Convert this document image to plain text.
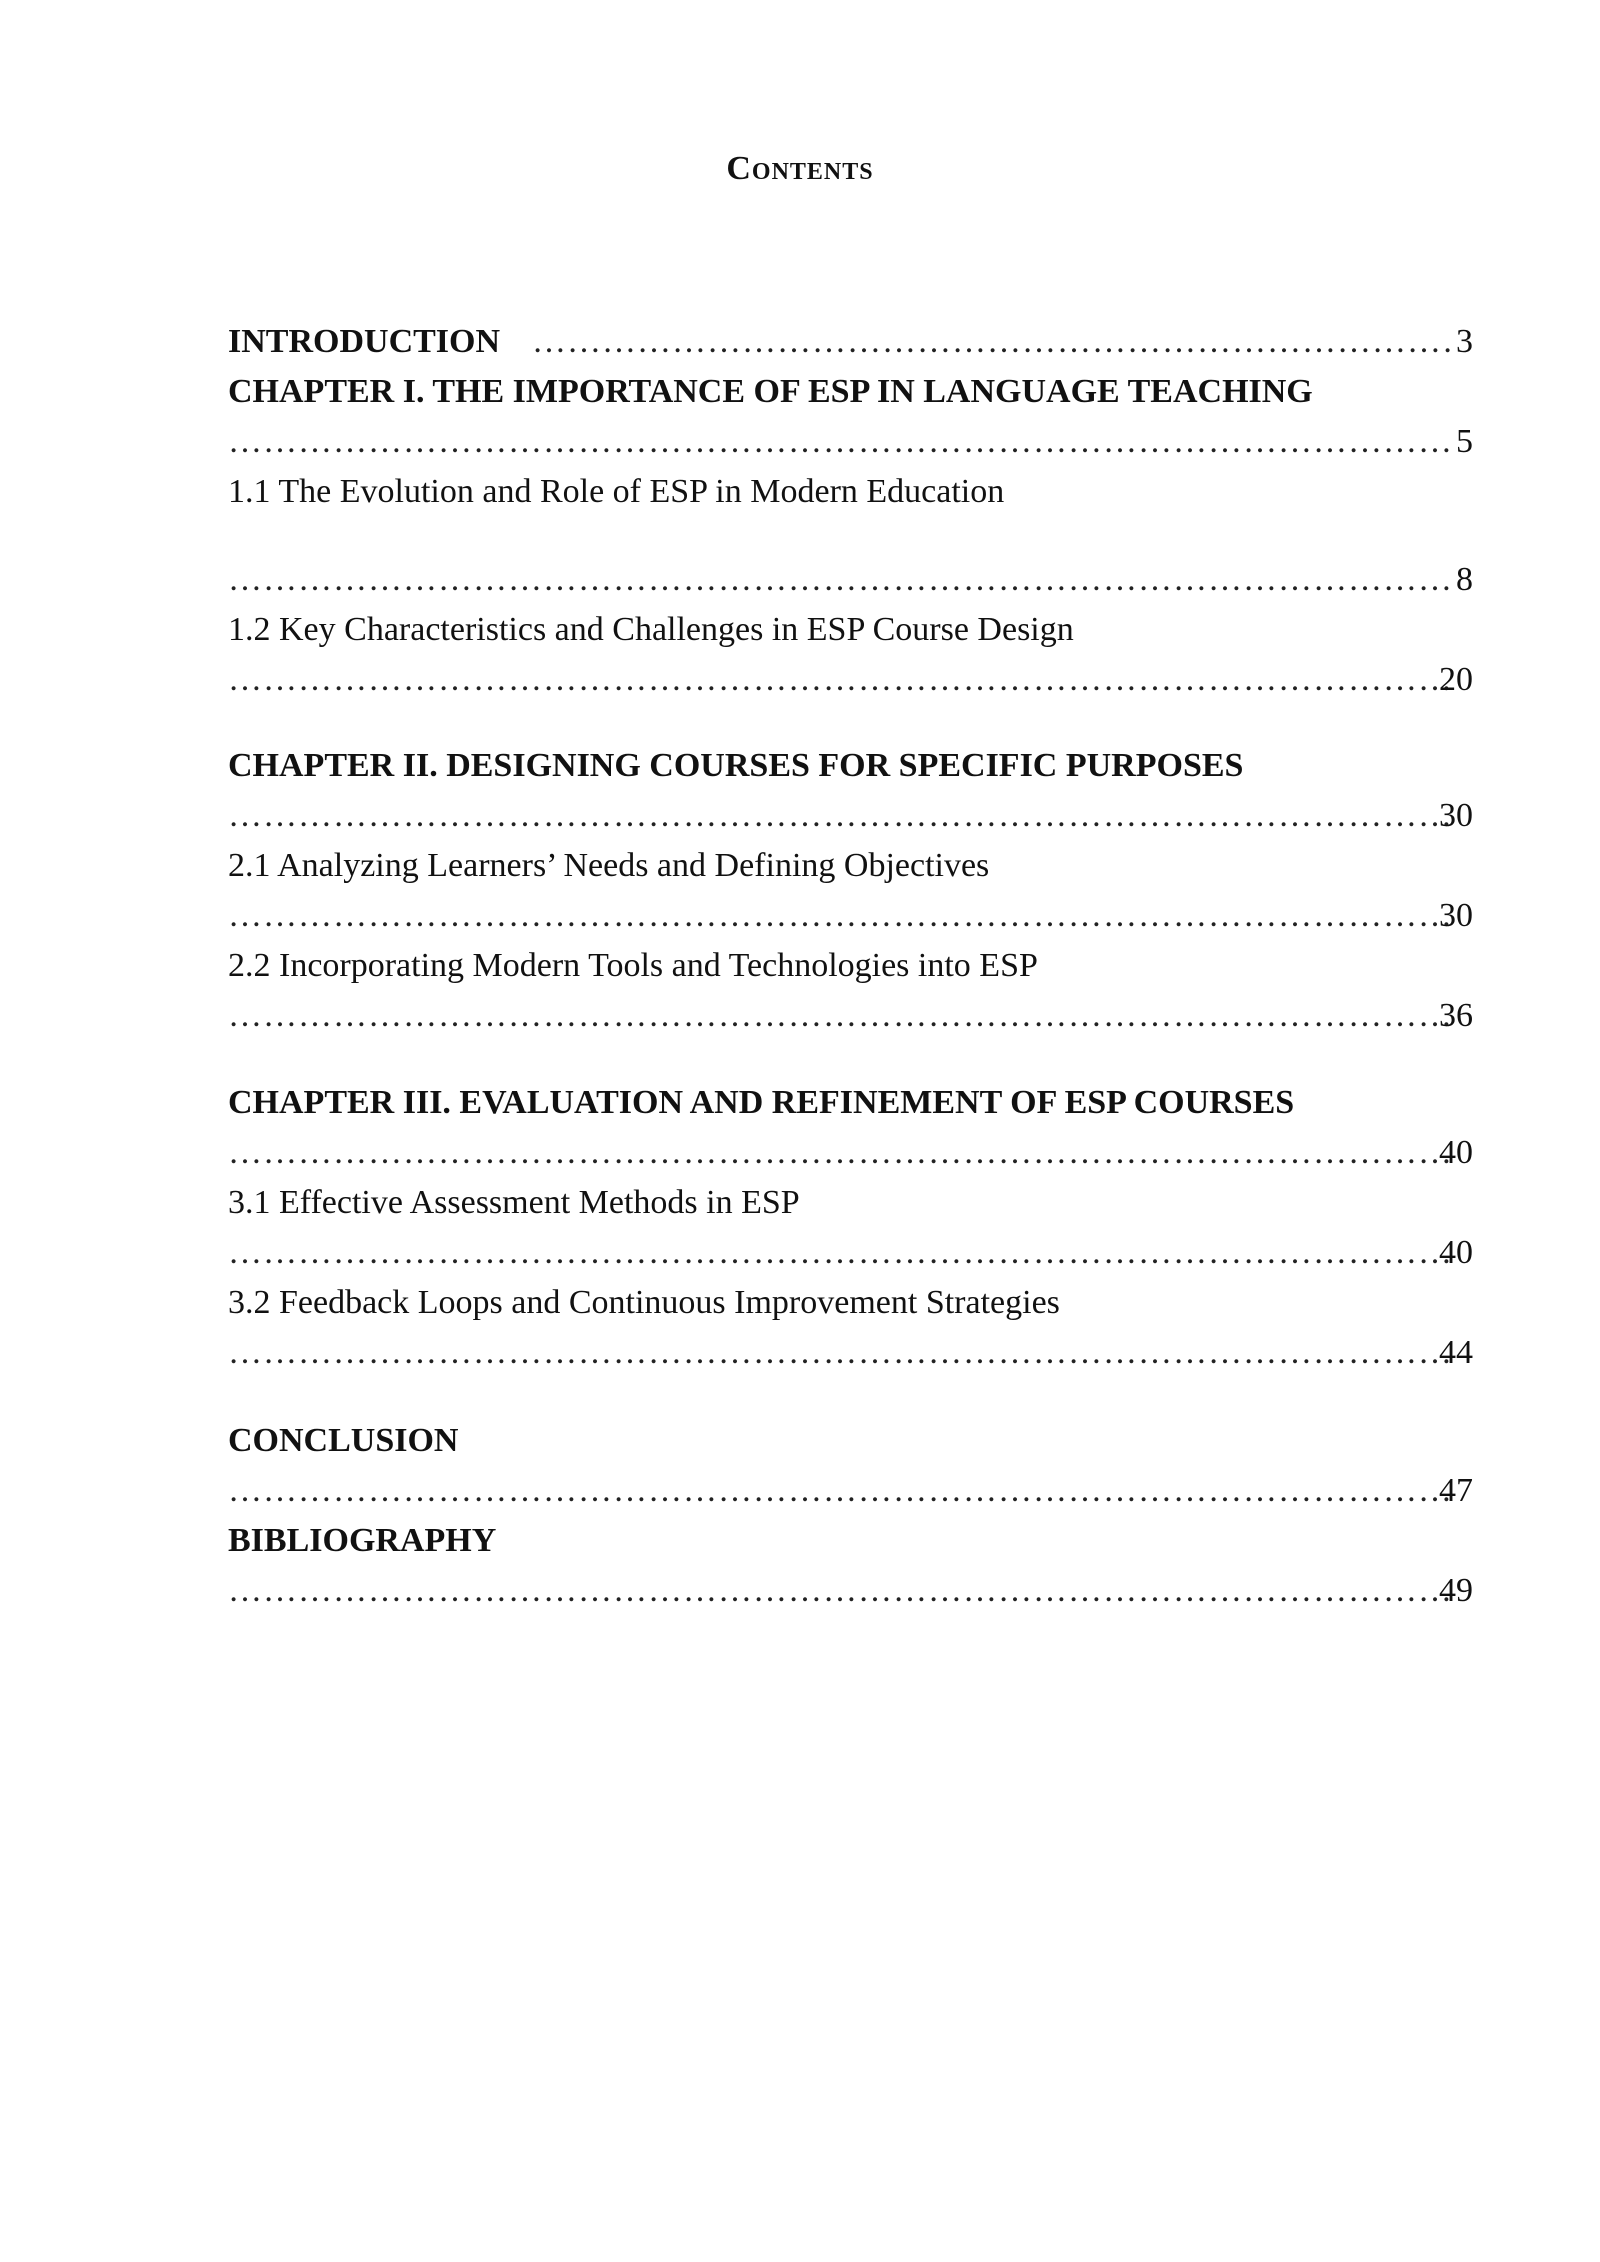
Contents
INTRODUCTION
……………………………………………………………………………………………………………………………………………………………………	3
CHAPTER I. THE IMPORTANCE OF ESP IN LANGUAGE TEACHING
……………………………………………………………………………………………………………………………………………………………………
5
1.1 The Evolution and Role of ESP in Modern Education
……………………………………………………………………………………………………………………………………………………………………
8
1.2 Key Characteristics and Challenges in ESP Course Design
……………………………………………………………………………………………………………………………………………………………………
20
CHAPTER II. DESIGNING COURSES FOR SPECIFIC PURPOSES
……………………………………………………………………………………………………………………………………………………………………
30
2.1 Analyzing Learners’ Needs and Defining Objectives
……………………………………………………………………………………………………………………………………………………………………
30
2.2 Incorporating Modern Tools and Technologies into ESP
……………………………………………………………………………………………………………………………………………………………………
36
CHAPTER III. EVALUATION AND REFINEMENT OF ESP COURSES
……………………………………………………………………………………………………………………………………………………………………
40
3.1 Effective Assessment Methods in ESP
……………………………………………………………………………………………………………………………………………………………………
40
3.2 Feedback Loops and Continuous Improvement Strategies
……………………………………………………………………………………………………………………………………………………………………
44
CONCLUSION
……………………………………………………………………………………………………………………………………………………………………
47
BIBLIOGRAPHY
……………………………………………………………………………………………………………………………………………………………………
49
